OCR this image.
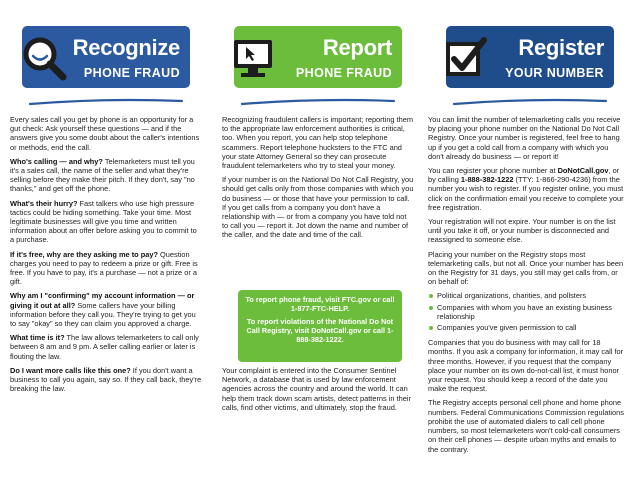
Recognize
PHONE FRAUD

Every sales call you get by phone is an opportunity for a gut check: Ask yourself these questions — and if the answers give you some doubt about the caller's intentions or methods, end the call.

Who's calling — and why? Telemarketers must tell you it's a sales call, the name of the seller and what they're selling before they make their pitch. If they don't, say "no thanks," and get off the phone.

What's their hurry? Fast talkers who use high pressure tactics could be hiding something. Take your time. Most legitimate businesses will give you time and written information about an offer before asking you to commit to a purchase.

If it's free, why are they asking me to pay? Question charges you need to pay to redeem a prize or gift. Free is free. If you have to pay, it's a purchase — not a prize or a gift.

Why am I "confirming" my account information — or giving it out at all? Some callers have your billing information before they call you. They're trying to get you to say "okay" so they can claim you approved a charge.

What time is it? The law allows telemarketers to call only between 8 am and 9 pm. A seller calling earlier or later is flouting the law.

Do I want more calls like this one? If you don't want a business to call you again, say so. If they call back, they're breaking the law.

Report
PHONE FRAUD

Recognizing fraudulent callers is important; reporting them to the appropriate law enforcement authorities is critical, too. When you report, you can help stop telephone scammers. Report telephone hucksters to the FTC and your state Attorney General so they can prosecute fraudulent telemarketers who try to steal your money.

If your number is on the National Do Not Call Registry, you should get calls only from those companies with which you do business — or those that have your permission to call. If you get calls from a company you don't have a relationship with — or from a company you have told not to call you — report it. Jot down the name and number of the caller, and the date and time of the call.

To report phone fraud, visit FTC.gov or call 1-877-FTC-HELP.

To report violations of the National Do Not Call Registry, visit DoNotCall.gov or call 1-888-382-1222.

Your complaint is entered into the Consumer Sentinel Network, a database that is used by law enforcement agencies across the country and around the world. It can help them track down scam artists, detect patterns in their calls, find other victims, and ultimately, stop the fraud.
Register
YOUR NUMBER

You can limit the number of telemarketing calls you receive by placing your phone number on the National Do Not Call Registry. Once your number is registered, feel free to hang up if you get a cold call from a company with which you don't already do business — or report it!

You can register your phone number at DoNotCall.gov, or by calling 1-888-382-1222 (TTY: 1-866-290-4236) from the number you wish to register. If you register online, you must click on the confirmation email you receive to complete your free registration.

Your registration will not expire. Your number is on the list until you take it off, or your number is disconnected and reassigned to someone else.

Placing your number on the Registry stops most telemarketing calls, but not all. Once your number has been on the Registry for 31 days, you still may get calls from, or on behalf of:

Political organizations, charities, and pollsters
Companies with whom you have an existing business relationship
Companies you've given permission to call

Companies that you do business with may call for 18 months. If you ask a company for information, it may call for three months. However, if you request that the company place your number on its own do-not-call list, it must honor your request. You should keep a record of the date you make the request.

The Registry accepts personal cell phone and home phone numbers. Federal Communications Commission regulations prohibit the use of automated dialers to call cell phone numbers, so most telemarketers won't cold-call consumers on their cell phones — despite urban myths and emails to the contrary.
